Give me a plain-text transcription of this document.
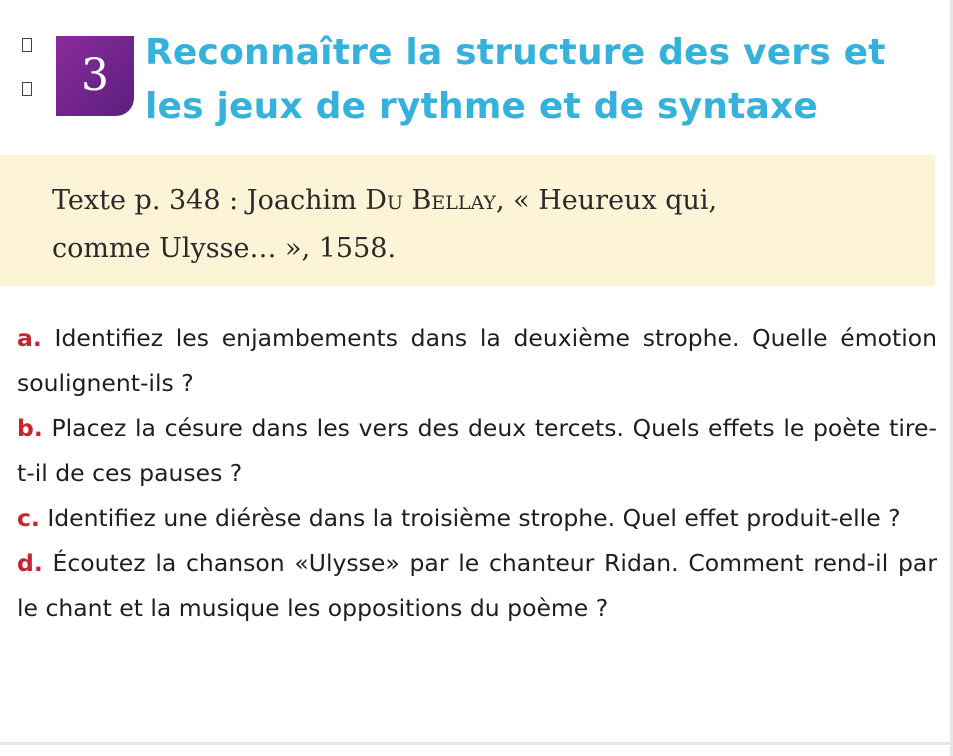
3	Reconnaître la structure des vers et
les jeux de rythme et de syntaxe

Texte p. 348 : Joachim Du Bellay, « Heureux qui,
comme Ulysse… », 1558.

a. Identifiez les enjambements dans la deuxième strophe. Quelle émotion soulignent-ils ?

b. Placez la césure dans les vers des deux tercets. Quels effets le poète tire-t-il de ces pauses ?

c. Identifiez une diérèse dans la troisième strophe. Quel effet produit-elle ?

d. Écoutez la chanson «Ulysse» par le chanteur Ridan. Comment rend-il par le chant et la musique les oppositions du poème ?
